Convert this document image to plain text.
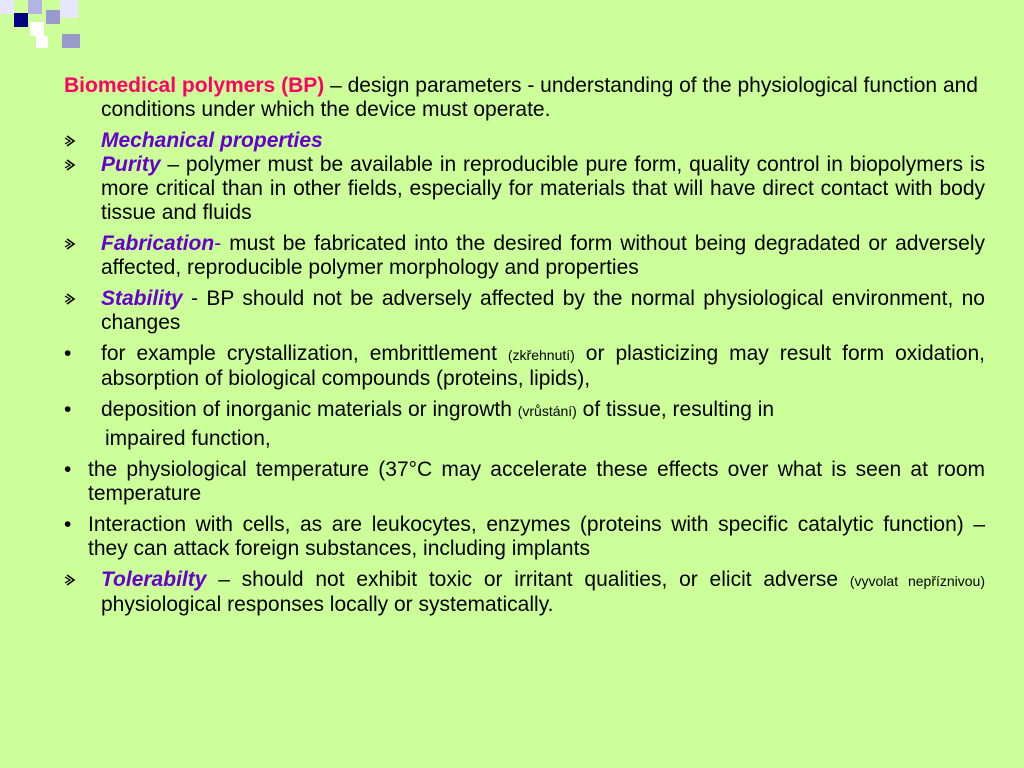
Biomedical polymers (BP) – design parameters - understanding of the physiological function and conditions under which the device must operate.

Mechanical properties

Purity – polymer must be available in reproducible pure form, quality control in biopolymers is more critical than in other fields, especially for materials that will have direct contact with body tissue and fluids

Fabrication- must be fabricated into the desired form without being degradated or adversely affected, reproducible polymer morphology and properties

Stability - BP should not be adversely affected by the normal physiological environment, no changes

• for example crystallization, embrittlement (zkřehnutí) or plasticizing may result form oxidation, absorption of biological compounds (proteins, lipids),

• deposition of inorganic materials or ingrowth (vrůstání) of tissue, resulting in

impaired function,

• the physiological temperature (37°C may accelerate these effects over what is seen at room temperature

• Interaction with cells, as are leukocytes, enzymes (proteins with specific catalytic function) – they can attack foreign substances, including implants

Tolerabilty – should not exhibit toxic or irritant qualities, or elicit adverse (vyvolat nepříznivou) physiological responses locally or systematically.
